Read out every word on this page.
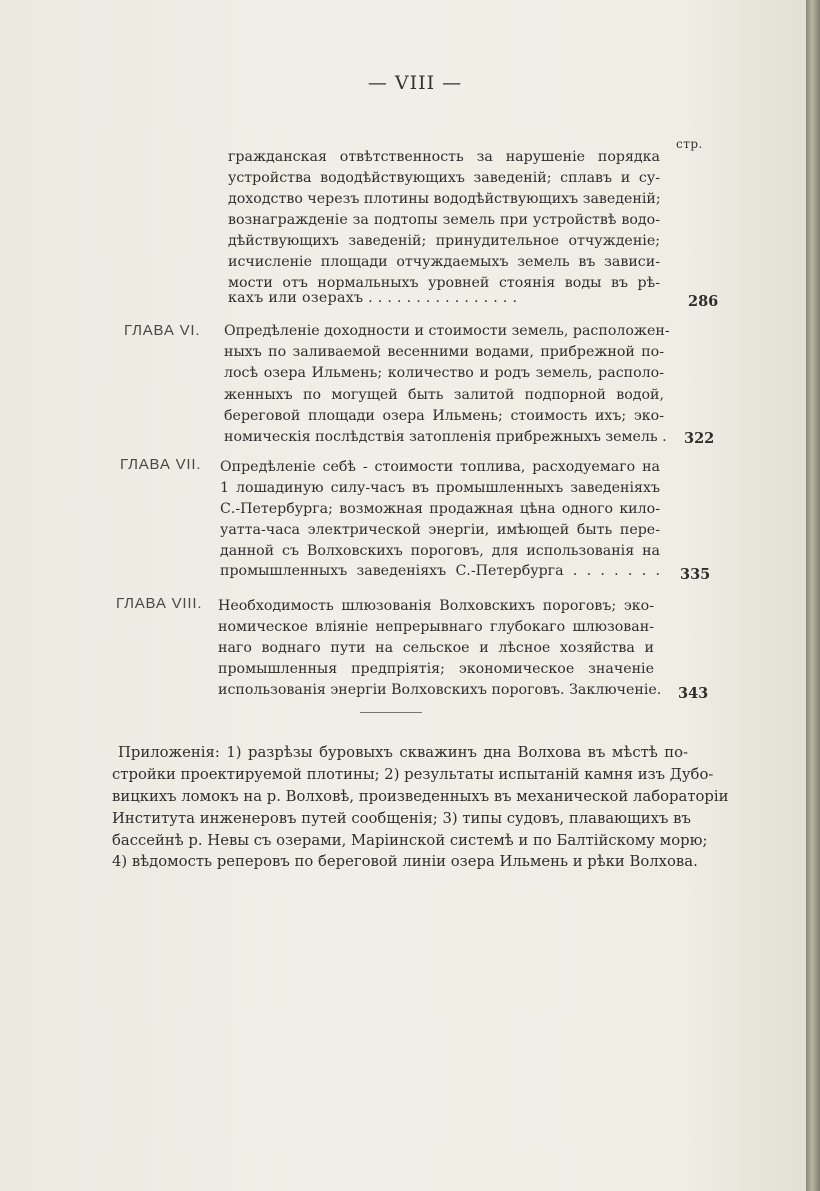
— VIII —
стр.
гражданская отвѣтственность за нарушеніе порядка
устройства вододѣйствующихъ заведеній; сплавъ и су-
доходство черезъ плотины вододѣйствующихъ заведеній;
вознагражденіе за подтопы земель при устройствѣ водо-
дѣйствующихъ заведеній; принудительное отчужденіе;
исчисленіе площади отчуждаемыхъ земель въ зависи-
мости отъ нормальныхъ уровней стоянія воды въ рѣ-
кахъ или озерахъ . . . . . . . . . . . . . . . .	286
ГЛАВА VI. Опредѣленіе доходности и стоимости земель, расположен-
ныхъ по заливаемой весенними водами, прибрежной по-
лосѣ озера Ильмень; количество и родъ земель, располо-
женныхъ по могущей быть залитой подпорной водой,
береговой площади озера Ильмень; стоимость ихъ; эко-
номическія послѣдствія затопленія прибрежныхъ земель . 322
ГЛАВА VII. Опредѣленіе себѣ - стоимости топлива, расходуемаго на
1 лошадиную силу-часъ въ промышленныхъ заведеніяхъ
С.-Петербурга; возможная продажная цѣна одного кило-
уатта-часа электрической энергіи, имѣющей быть пере-
данной съ Волховскихъ пороговъ, для использованія на
промышленныхъ заведеніяхъ С.-Петербурга . . . . . . . 335
ГЛАВА VIII. Необходимость шлюзованія Волховскихъ пороговъ; эко-
номическое вліяніе непрерывнаго глубокаго шлюзован-
наго воднаго пути на сельское и лѣсное хозяйства и
промышленныя предпріятія; экономическое значеніе
использованія энергіи Волховскихъ пороговъ. Заключеніе. 343
Приложенія: 1) разрѣзы буровыхъ скважинъ дна Волхова въ мѣстѣ по-
стройки проектируемой плотины; 2) результаты испытаній камня изъ Дубо-
вицкихъ ломокъ на р. Волховѣ, произведенныхъ въ механической лабораторіи
Института инженеровъ путей сообщенія; 3) типы судовъ, плавающихъ въ
бассейнѣ р. Невы съ озерами, Маріинской системѣ и по Балтійскому морю;
4) вѣдомость реперовъ по береговой линіи озера Ильмень и рѣки Волхова.
